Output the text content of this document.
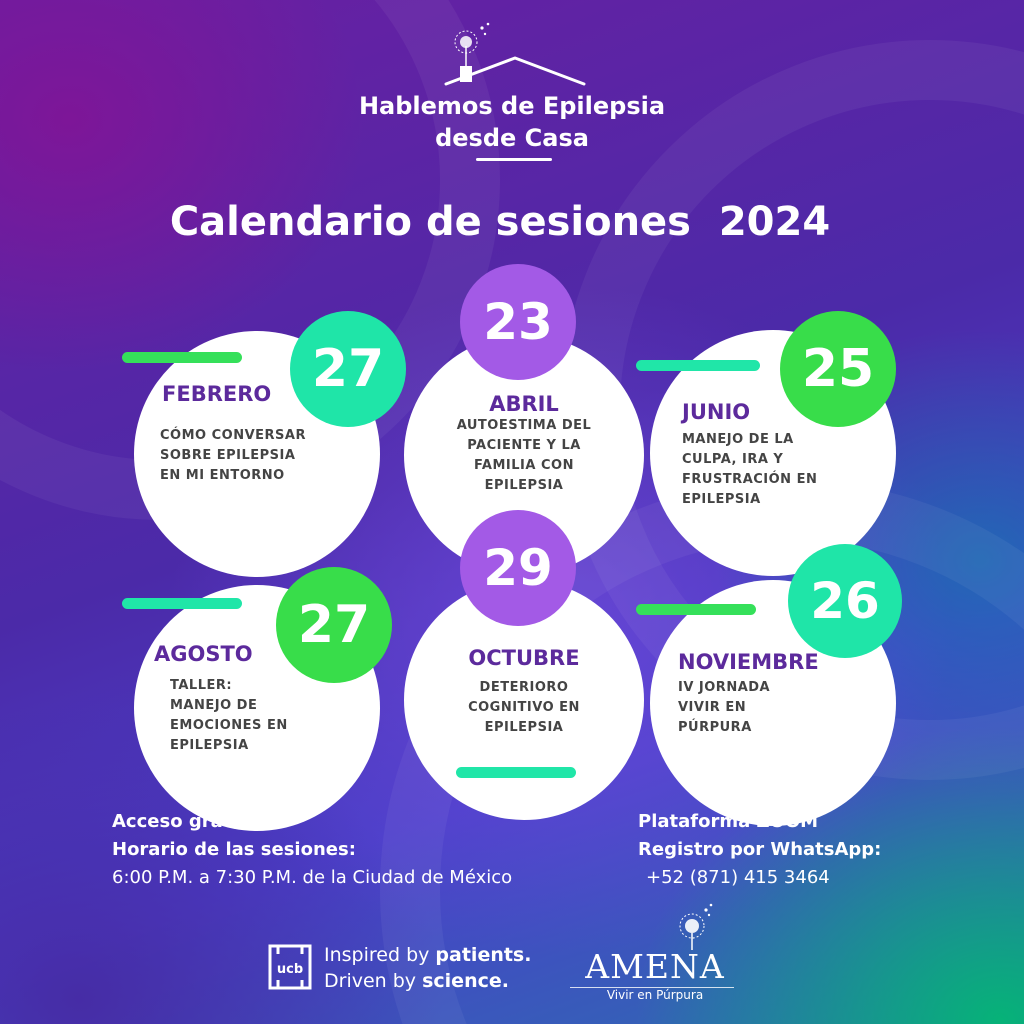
Hablemos de Epilepsia
desde Casa
Calendario de sesiones  2024
27
FEBRERO
CÓMO CONVERSAR
SOBRE EPILEPSIA
EN MI ENTORNO
23
ABRIL
AUTOESTIMA DEL
PACIENTE Y LA
FAMILIA CON
EPILEPSIA
25
JUNIO
MANEJO DE LA
CULPA, IRA Y
FRUSTRACIÓN EN
EPILEPSIA
27
AGOSTO
TALLER:
MANEJO DE
EMOCIONES EN
EPILEPSIA
29
OCTUBRE
DETERIORO
COGNITIVO EN
EPILEPSIA
26
NOVIEMBRE
IV JORNADA
VIVIR EN
PÚRPURA
Acceso gratuito
Horario de las sesiones:
6:00 P.M. a 7:30 P.M. de la Ciudad de México
Plataforma ZOOM
Registro por WhatsApp:
+52 (871) 415 3464
ucb
Inspired by patients.
Driven by science.	AMENA
Vivir en Púrpura
